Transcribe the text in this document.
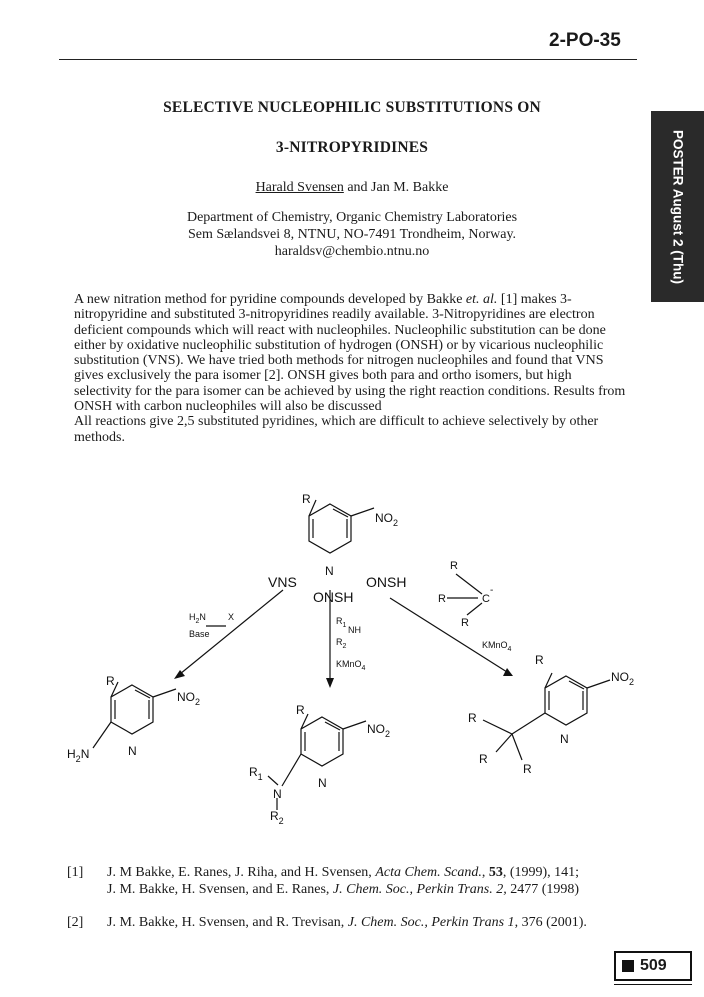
2-PO-35
POSTER August 2 (Thu)
SELECTIVE NUCLEOPHILIC SUBSTITUTIONS ON
3-NITROPYRIDINES
Harald Svensen and Jan M. Bakke
Department of Chemistry, Organic Chemistry Laboratories
Sem Sælandsvei 8, NTNU, NO-7491 Trondheim, Norway.
haraldsv@chembio.ntnu.no

A new nitration method for pyridine compounds developed by Bakke et. al. [1] makes 3-nitropyridine and substituted 3-nitropyridines readily available. 3-Nitropyridines are electron deficient compounds which will react with nucleophiles. Nucleophilic substitution can be done either by oxidative nucleophilic substitution of hydrogen (ONSH) or by vicarious nucleophilic substitution (VNS). We have tried both methods for nitrogen nucleophiles and found that VNS gives exclusively the para isomer [2]. ONSH gives both para and ortho isomers, but high selectivity for the para isomer can be achieved by using the right reaction conditions. Results from ONSH with carbon nucleophiles will also be discussed

All reactions give 2,5 substituted pyridines, which are difficult to achieve selectively by other methods.

R
N
$NO_2$
VNS
ONSH
ONSH
$H_2N$ X
Base
$R_1$ NH
$R_2$
KMnO$_4$
R
R	C
-
R
KMnO$_4$
R
$NO_2$
N
$H_2N$
R
$NO_2$
N
$R_1$
N
$R_2$
R
$NO_2$
N
R
R
R
[1] J. M Bakke, E. Ranes, J. Riha, and H. Svensen, Acta Chem. Scand., 53, (1999), 141;
J. M. Bakke, H. Svensen, and E. Ranes, J. Chem. Soc., Perkin Trans. 2, 2477 (1998)
[2] J. M. Bakke, H. Svensen, and R. Trevisan, J. Chem. Soc., Perkin Trans 1, 376 (2001).
509
